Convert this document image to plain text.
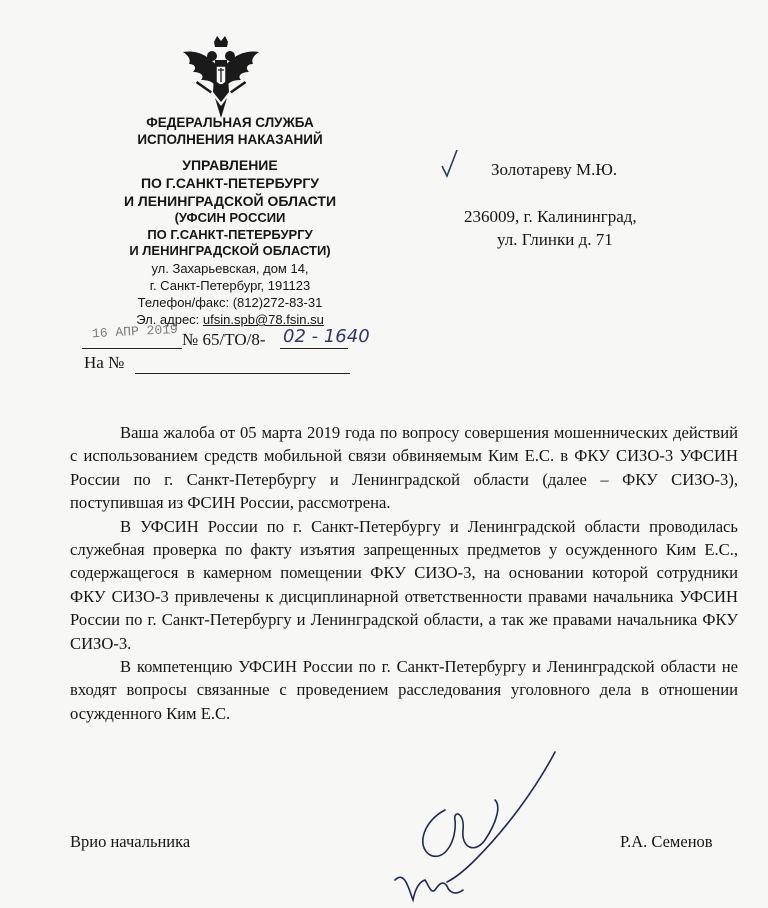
ФЕДЕРАЛЬНАЯ СЛУЖБА
ИСПОЛНЕНИЯ НАКАЗАНИЙ
УПРАВЛЕНИЕ
ПО Г.САНКТ-ПЕТЕРБУРГУ
И ЛЕНИНГРАДСКОЙ ОБЛАСТИ
(УФСИН РОССИИ
ПО Г.САНКТ-ПЕТЕРБУРГУ
И ЛЕНИНГРАДСКОЙ ОБЛАСТИ)
ул. Захарьевская, дом 14,
г. Санкт-Петербург, 191123
Телефон/факс: (812)272-83-31
Эл. адрес: ufsin.spb@78.fsin.su
16 АПР 2019 № 65/ТО/8- 02 - 1640
На №
Золотареву М.Ю.
236009, г. Калининград,
ул. Глинки д. 71

Ваша жалоба от 05 марта 2019 года по вопросу совершения мошеннических действий с использованием средств мобильной связи обвиняемым Ким Е.С. в ФКУ СИЗО-3 УФСИН России по г. Санкт-Петербургу и Ленинградской области (далее – ФКУ СИЗО-3), поступившая из ФСИН России, рассмотрена.

В УФСИН России по г. Санкт-Петербургу и Ленинградской области проводилась служебная проверка по факту изъятия запрещенных предметов у осужденного Ким Е.С., содержащегося в камерном помещении ФКУ СИЗО-3, на основании которой сотрудники ФКУ СИЗО-3 привлечены к дисциплинарной ответственности правами начальника УФСИН России по г. Санкт-Петербургу и Ленинградской области, а так же правами начальника ФКУ СИЗО-3.

В компетенцию УФСИН России по г. Санкт-Петербургу и Ленинградской области не входят вопросы связанные с проведением расследования уголовного дела в отношении осужденного Ким Е.С.

Врио начальника	Р.А. Семенов
